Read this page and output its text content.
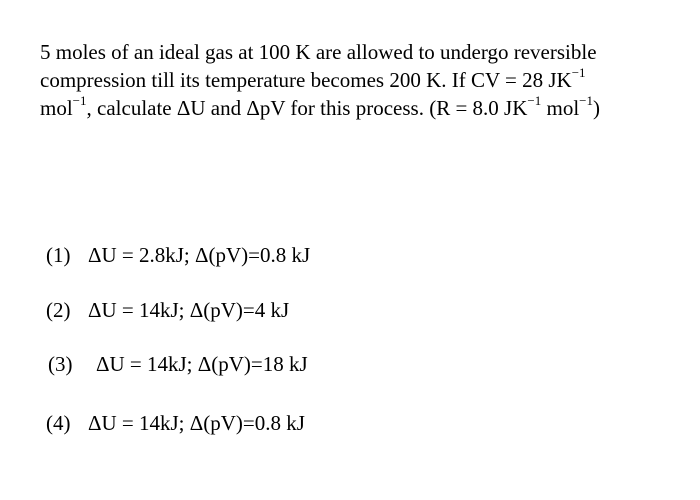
5 moles of an ideal gas at 100 K are allowed to undergo reversible
compression till its temperature becomes 200 K. If CV = 28 $JK^{-1}$
mol$^{-1}$, calculate ΔU and ΔpV for this process. (R = 8.0 $JK^{-1}$ mol$^{-1}$)
(1) ΔU = 2.8kJ; Δ(pV)=0.8 kJ
(2) ΔU = 14kJ; Δ(pV)=4 kJ
(3) ΔU = 14kJ; Δ(pV)=18 kJ
(4) ΔU = 14kJ; Δ(pV)=0.8 kJ
